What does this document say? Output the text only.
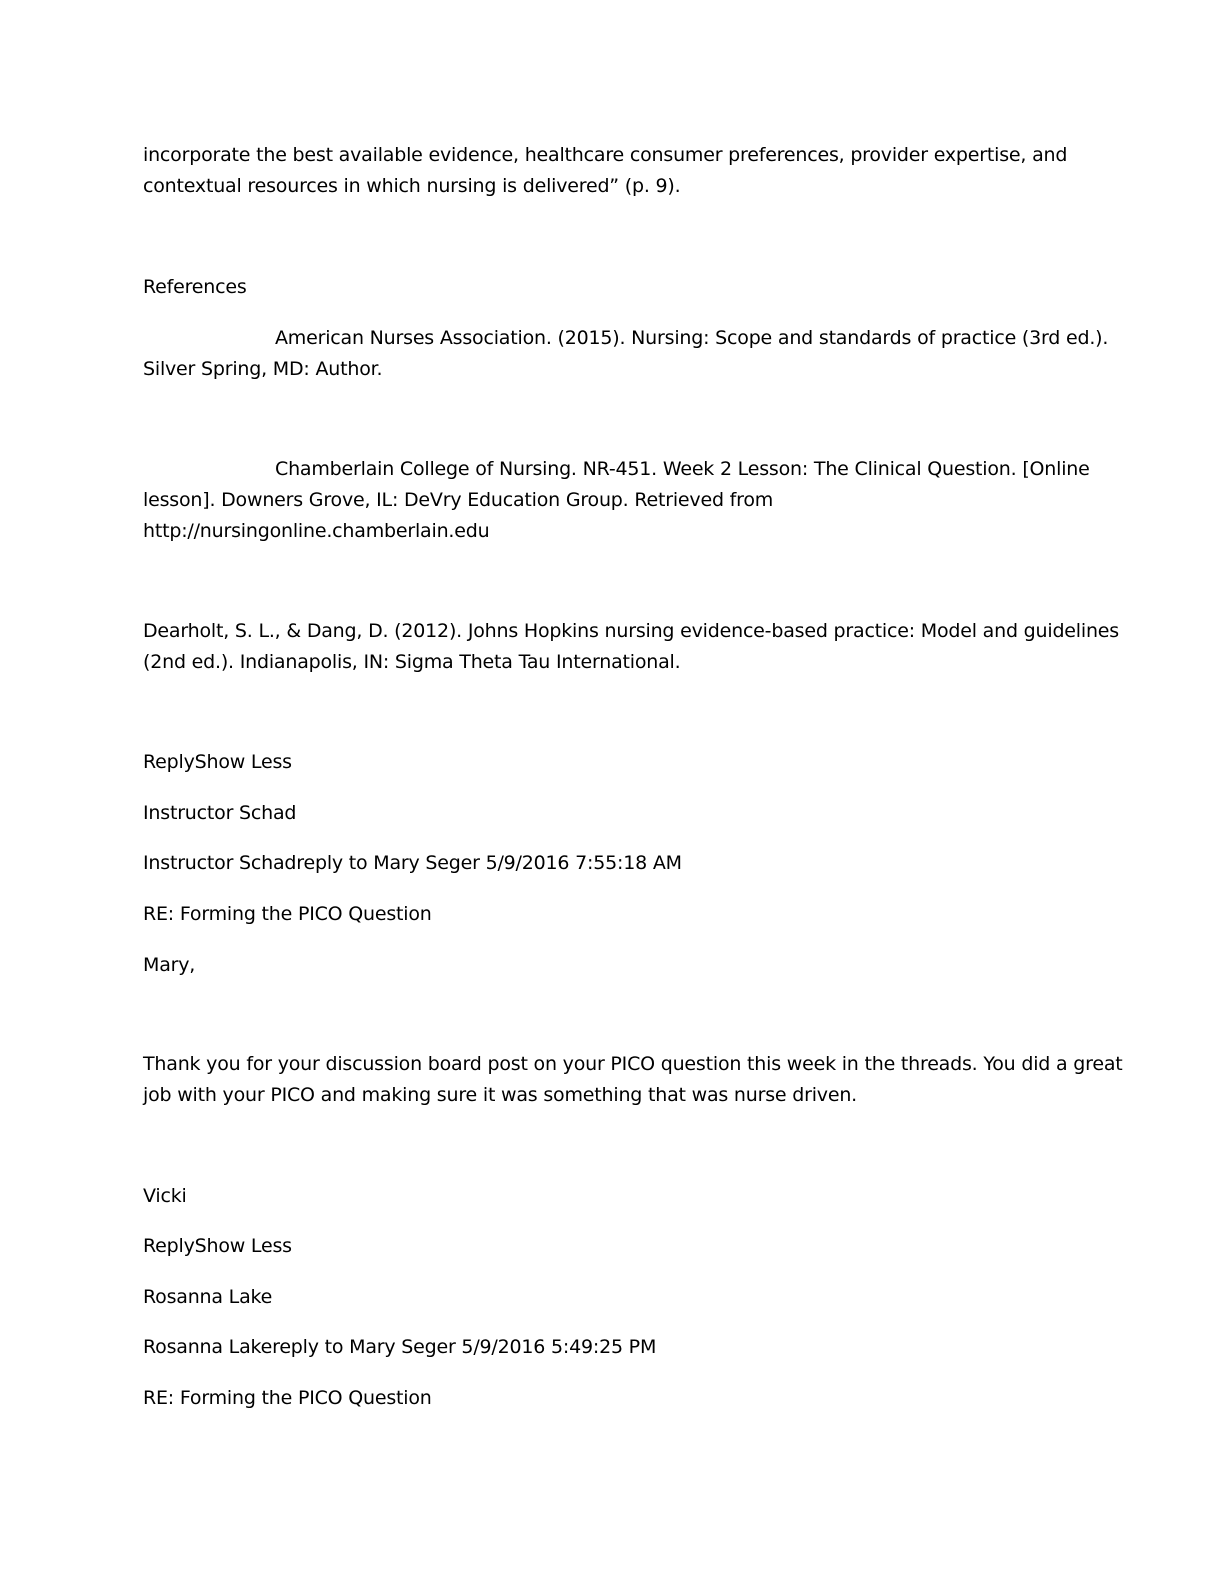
incorporate the best available evidence, healthcare consumer preferences, provider expertise, and
contextual resources in which nursing is delivered” (p. 9).
References
American Nurses Association. (2015). Nursing: Scope and standards of practice (3rd ed.).
Silver Spring, MD: Author.
Chamberlain College of Nursing. NR-451. Week 2 Lesson: The Clinical Question. [Online
lesson]. Downers Grove, IL: DeVry Education Group. Retrieved from
http://nursingonline.chamberlain.edu
Dearholt, S. L., & Dang, D. (2012). Johns Hopkins nursing evidence-based practice: Model and guidelines
(2nd ed.). Indianapolis, IN: Sigma Theta Tau International.
ReplyShow Less
Instructor Schad
Instructor Schadreply to Mary Seger 5/9/2016 7:55:18 AM
RE: Forming the PICO Question
Mary,
Thank you for your discussion board post on your PICO question this week in the threads. You did a great
job with your PICO and making sure it was something that was nurse driven.
Vicki
ReplyShow Less
Rosanna Lake
Rosanna Lakereply to Mary Seger 5/9/2016 5:49:25 PM
RE: Forming the PICO Question
